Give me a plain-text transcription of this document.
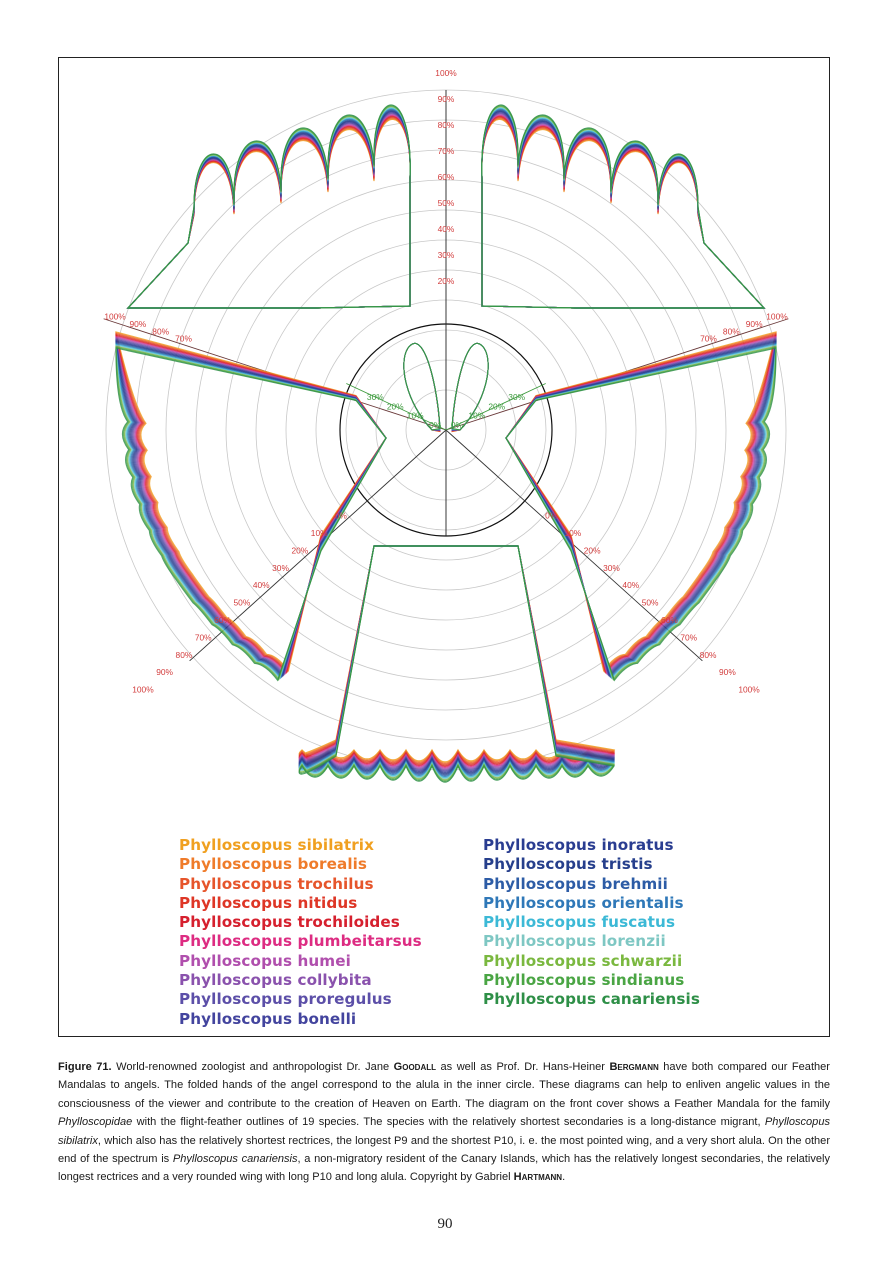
20%
30%
40%
50%
60%
70%
80%
90%
100%
0%	0%
10%	10%
20%	20%
30%	30%
40%	40%
50%	50%
60%	60%
70%	70%
80%	80%
90%	90%
100%	100%
70%	70%
80%	80%
90%	90%
100%	100%
0% 0%
10%	10%
20%	20%
30%	30%
Phylloscopus sibilatrix
Phylloscopus borealis
Phylloscopus trochilus
Phylloscopus nitidus
Phylloscopus trochiloides
Phylloscopus plumbeitarsus
Phylloscopus humei
Phylloscopus collybita
Phylloscopus proregulus
Phylloscopus bonelli
Phylloscopus inoratus
Phylloscopus tristis
Phylloscopus brehmii
Phylloscopus orientalis
Phylloscopus fuscatus
Phylloscopus lorenzii
Phylloscopus schwarzii
Phylloscopus sindianus
Phylloscopus canariensis

Figure 71. World-renowned zoologist and anthropologist Dr. Jane Goodall as well as Prof. Dr. Hans-Heiner Bergmann have both compared our Feather Mandalas to angels. The folded hands of the angel correspond to the alula in the inner circle. These diagrams can help to enliven angelic values in the consciousness of the viewer and contribute to the creation of Heaven on Earth. The diagram on the front cover shows a Feather Mandala for the family Phylloscopidae with the flight-feather outlines of 19 species. The species with the relatively shortest secondaries is a long-distance migrant, Phylloscopus sibilatrix, which also has the relatively shortest rectrices, the longest P9 and the shortest P10, i. e. the most pointed wing, and a very short alula. On the other end of the spectrum is Phylloscopus canariensis, a non-migratory resident of the Canary Islands, which has the relatively longest secondaries, the relatively longest rectrices and a very rounded wing with long P10 and long alula. Copyright by Gabriel Hartmann.

90
